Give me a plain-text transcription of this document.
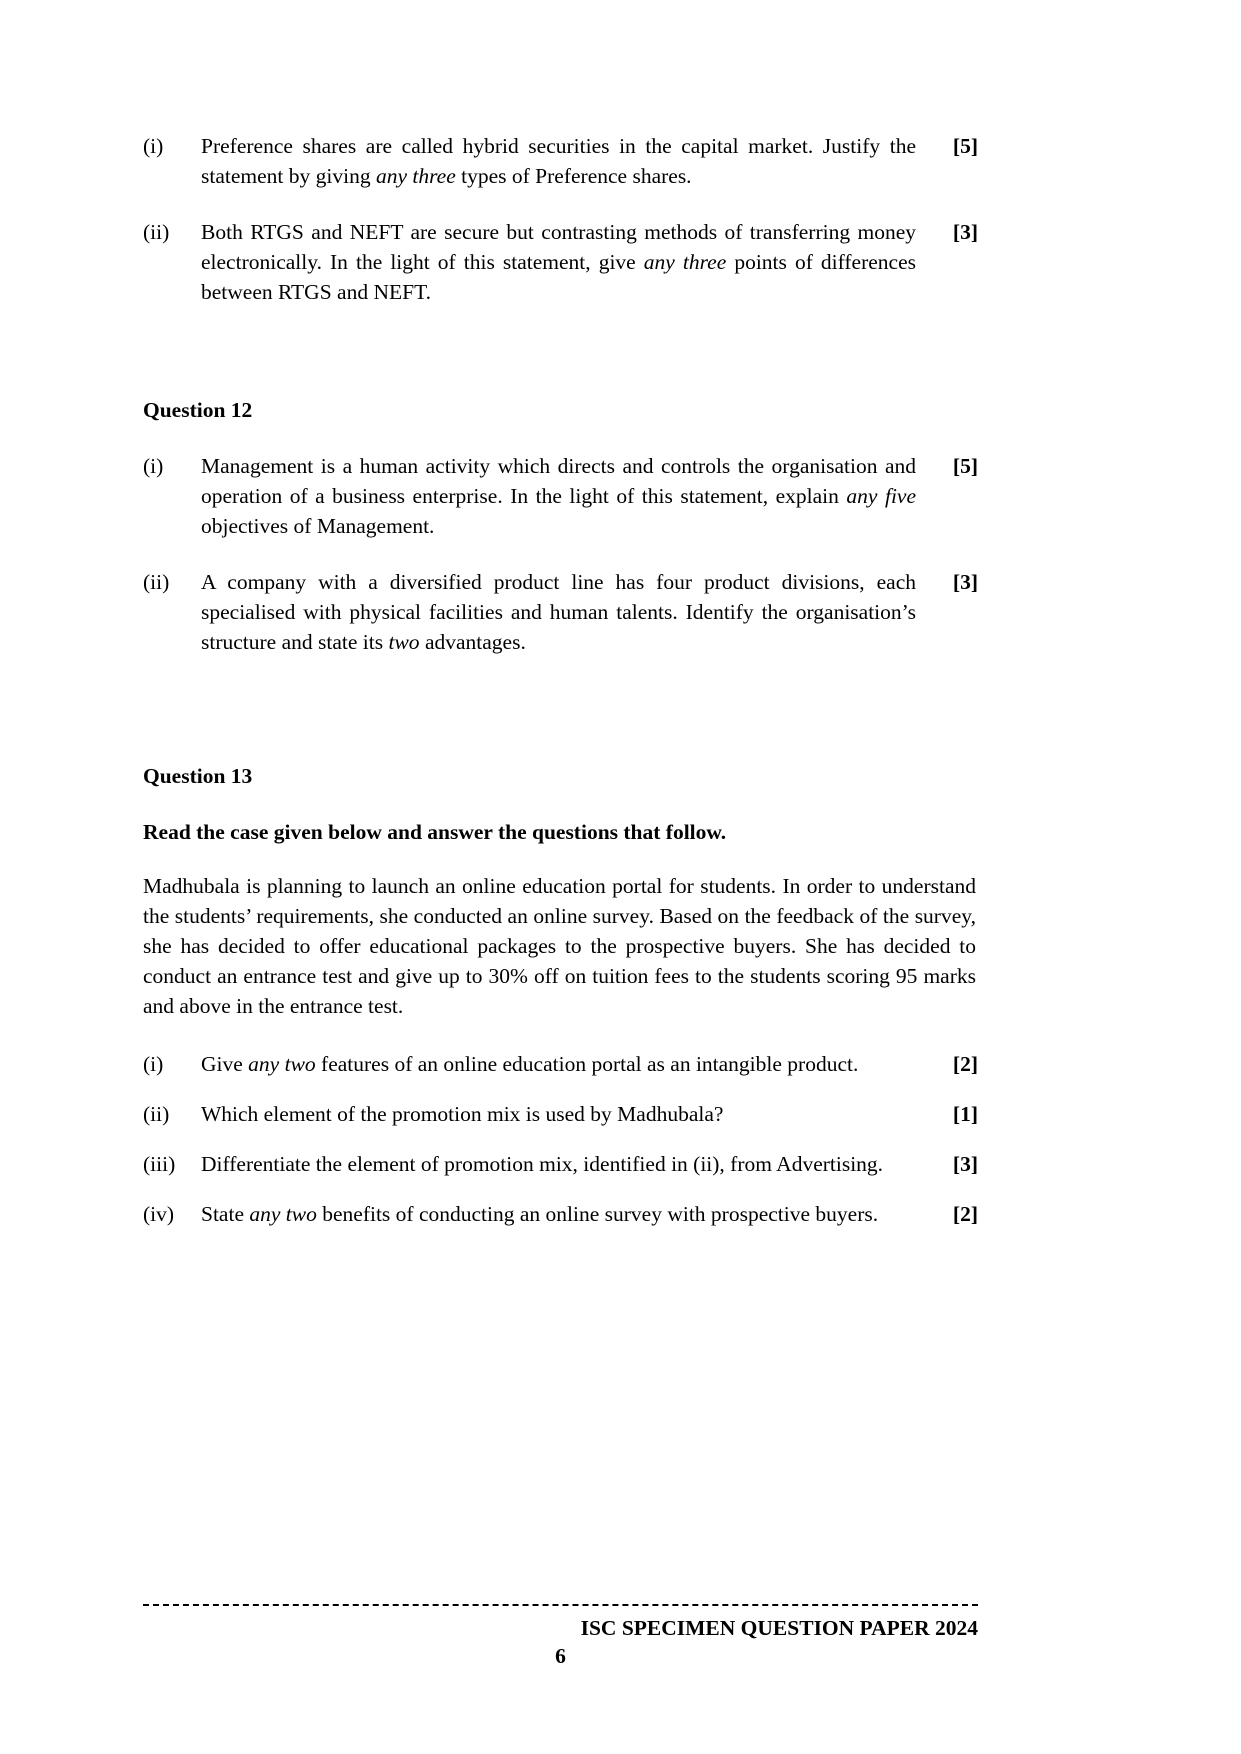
(i)	Preference shares are called hybrid securities in the capital market. Justify the statement by giving any three types of Preference shares.
[5]
(ii)	Both RTGS and NEFT are secure but contrasting methods of transferring money electronically. In the light of this statement, give any three points of differences between RTGS and NEFT.
[3]
Question 12
(i)	Management is a human activity which directs and controls the organisation and operation of a business enterprise. In the light of this statement, explain any five objectives of Management.
[5]
(ii)	A company with a diversified product line has four product divisions, each specialised with physical facilities and human talents. Identify the organisation’s structure and state its two advantages.
[3]
Question 13
Read the case given below and answer the questions that follow.
Madhubala is planning to launch an online education portal for students. In order to understand the students’ requirements, she conducted an online survey. Based on the feedback of the survey, she has decided to offer educational packages to the prospective buyers. She has decided to conduct an entrance test and give up to 30% off on tuition fees to the students scoring 95 marks and above in the entrance test.
(i)	Give any two features of an online education portal as an intangible product.	[2]
(ii)	Which element of the promotion mix is used by Madhubala?	[1]
(iii)	Differentiate the element of promotion mix, identified in (ii), from Advertising.	[3]
(iv)	State any two benefits of conducting an online survey with prospective buyers.	[2]
ISC SPECIMEN QUESTION PAPER 2024
6
